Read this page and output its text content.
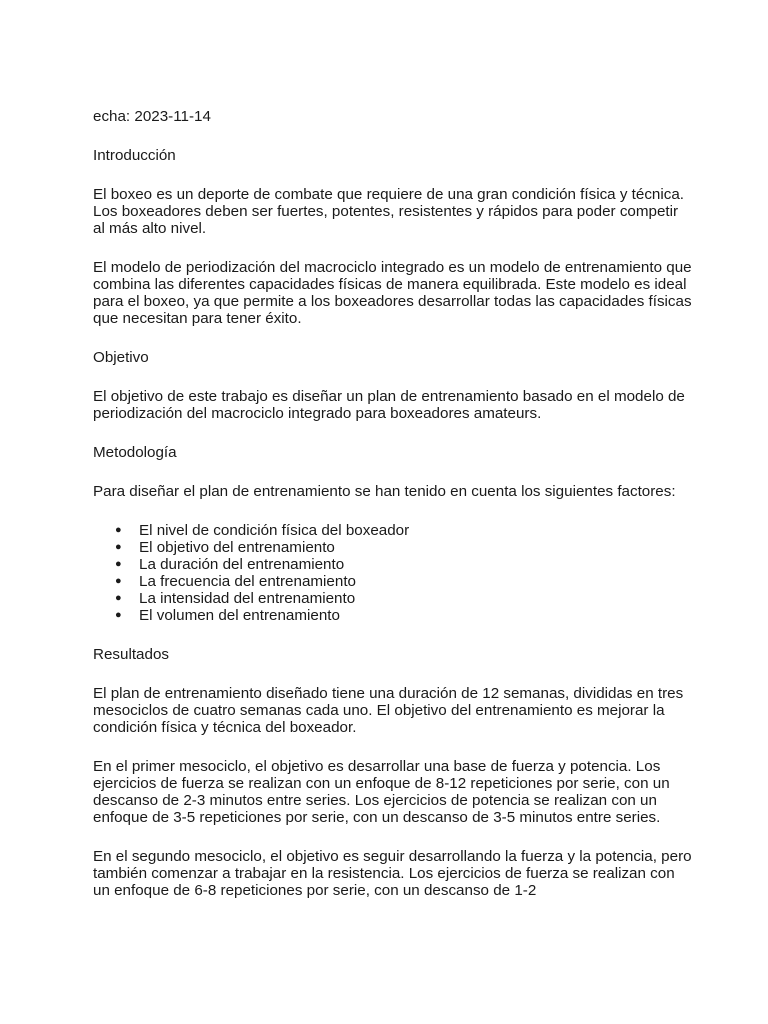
echa: 2023-11-14

Introducción

El boxeo es un deporte de combate que requiere de una gran condición física y técnica. Los boxeadores deben ser fuertes, potentes, resistentes y rápidos para poder competir al más alto nivel.

El modelo de periodización del macrociclo integrado es un modelo de entrenamiento que combina las diferentes capacidades físicas de manera equilibrada. Este modelo es ideal para el boxeo, ya que permite a los boxeadores desarrollar todas las capacidades físicas que necesitan para tener éxito.

Objetivo

El objetivo de este trabajo es diseñar un plan de entrenamiento basado en el modelo de periodización del macrociclo integrado para boxeadores amateurs.

Metodología

Para diseñar el plan de entrenamiento se han tenido en cuenta los siguientes factores:

● El nivel de condición física del boxeador
● El objetivo del entrenamiento
● La duración del entrenamiento
● La frecuencia del entrenamiento
● La intensidad del entrenamiento
● El volumen del entrenamiento

Resultados

El plan de entrenamiento diseñado tiene una duración de 12 semanas, divididas en tres mesociclos de cuatro semanas cada uno. El objetivo del entrenamiento es mejorar la condición física y técnica del boxeador.

En el primer mesociclo, el objetivo es desarrollar una base de fuerza y potencia. Los ejercicios de fuerza se realizan con un enfoque de 8-12 repeticiones por serie, con un descanso de 2-3 minutos entre series. Los ejercicios de potencia se realizan con un enfoque de 3-5 repeticiones por serie, con un descanso de 3-5 minutos entre series.

En el segundo mesociclo, el objetivo es seguir desarrollando la fuerza y la potencia, pero también comenzar a trabajar en la resistencia. Los ejercicios de fuerza se realizan con un enfoque de 6-8 repeticiones por serie, con un descanso de 1-2
